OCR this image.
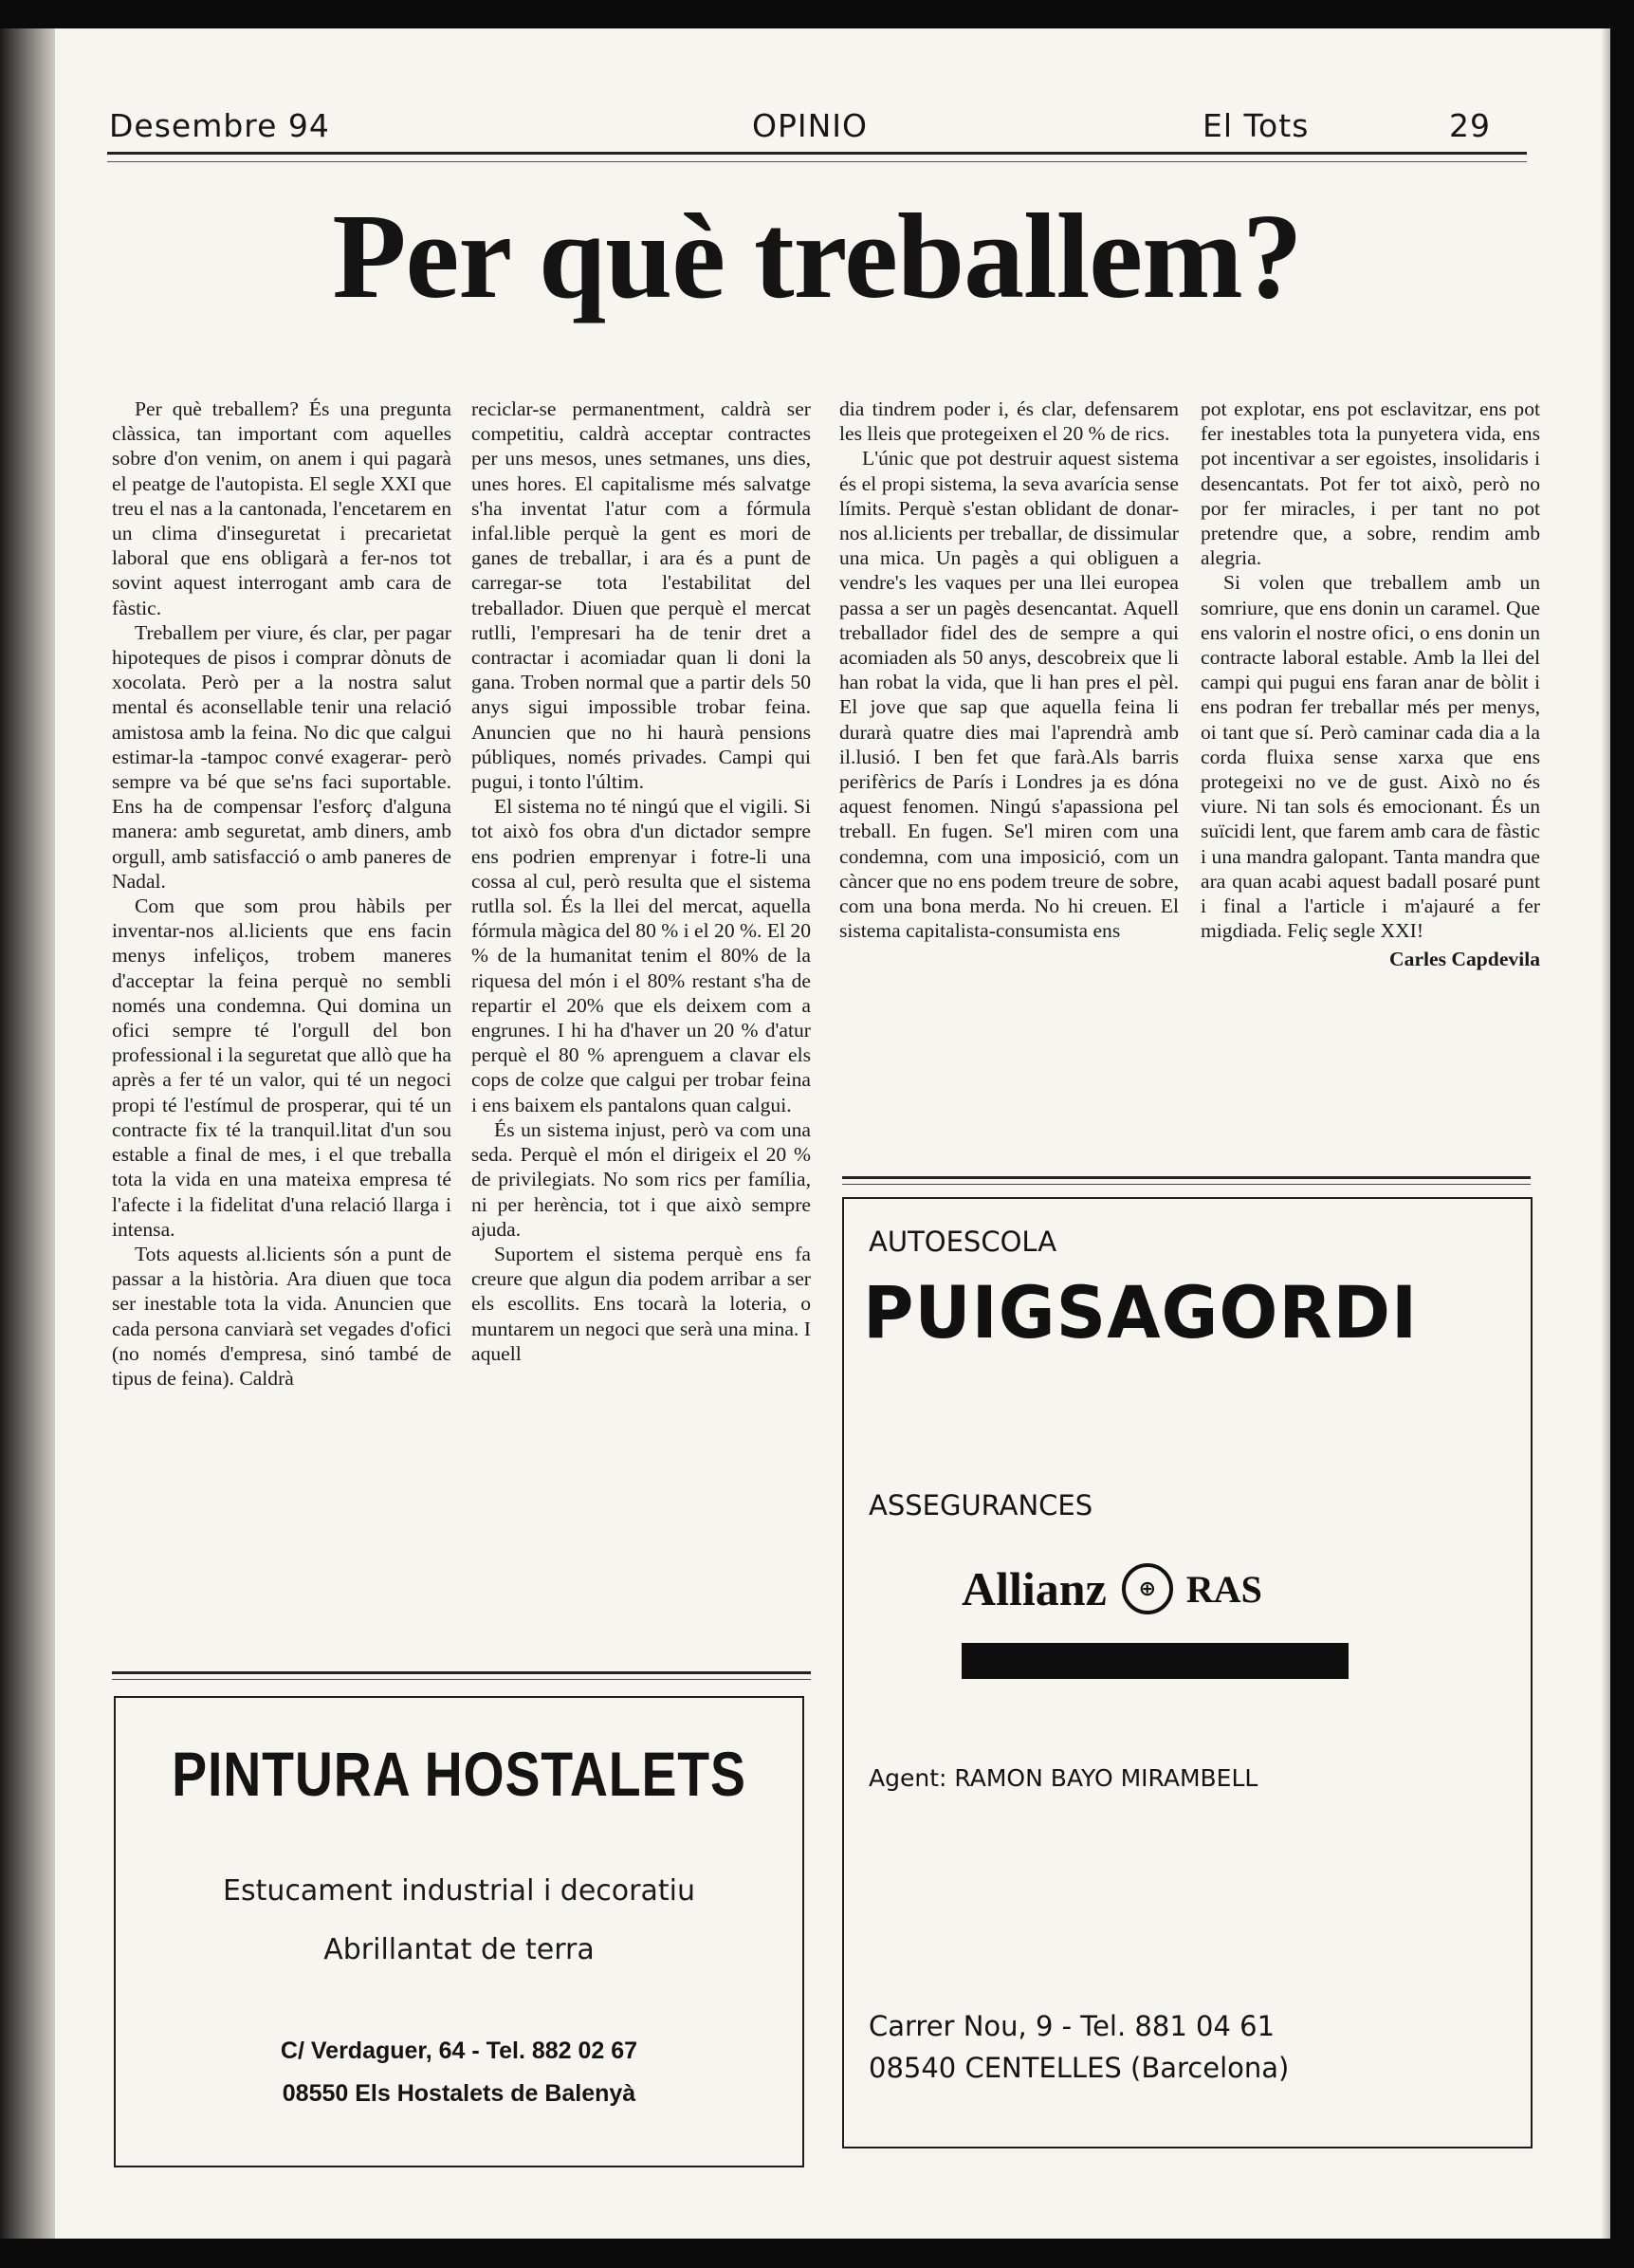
Desembre 94	OPINIO	El Tots	29
Per què treballem?

Per què treballem? És una pregunta clàssica, tan important com aquelles sobre d'on venim, on anem i qui pagarà el peatge de l'autopista. El segle XXI que treu el nas a la cantonada, l'encetarem en un clima d'inseguretat i precarietat laboral que ens obligarà a fer-nos tot sovint aquest interrogant amb cara de fàstic.

Treballem per viure, és clar, per pagar hipoteques de pisos i comprar dònuts de xocolata. Però per a la nostra salut mental és aconsellable tenir una relació amistosa amb la feina. No dic que calgui estimar-la -tampoc convé exagerar- però sempre va bé que se'ns faci suportable. Ens ha de compensar l'esforç d'alguna manera: amb seguretat, amb diners, amb orgull, amb satisfacció o amb paneres de Nadal.

Com que som prou hàbils per inventar-nos al.licients que ens facin menys infeliços, trobem maneres d'acceptar la feina perquè no sembli només una condemna. Qui domina un ofici sempre té l'orgull del bon professional i la seguretat que allò que ha après a fer té un valor, qui té un negoci propi té l'estímul de prosperar, qui té un contracte fix té la tranquil.litat d'un sou estable a final de mes, i el que treballa tota la vida en una mateixa empresa té l'afecte i la fidelitat d'una relació llarga i intensa.

Tots aquests al.licients són a punt de passar a la història. Ara diuen que toca ser inestable tota la vida. Anuncien que cada persona canviarà set vegades d'ofici (no només d'empresa, sinó també de tipus de feina). Caldrà

reciclar-se permanentment, caldrà ser competitiu, caldrà acceptar contractes per uns mesos, unes setmanes, uns dies, unes hores. El capitalisme més salvatge s'ha inventat l'atur com a fórmula infal.lible perquè la gent es mori de ganes de treballar, i ara és a punt de carregar-se tota l'estabilitat del treballador. Diuen que perquè el mercat rutlli, l'empresari ha de tenir dret a contractar i acomiadar quan li doni la gana. Troben normal que a partir dels 50 anys sigui impossible trobar feina. Anuncien que no hi haurà pensions públiques, només privades. Campi qui pugui, i tonto l'últim.

El sistema no té ningú que el vigili. Si tot això fos obra d'un dictador sempre ens podrien emprenyar i fotre-li una cossa al cul, però resulta que el sistema rutlla sol. És la llei del mercat, aquella fórmula màgica del 80 % i el 20 %. El 20 % de la humanitat tenim el 80% de la riquesa del món i el 80% restant s'ha de repartir el 20% que els deixem com a engrunes. I hi ha d'haver un 20 % d'atur perquè el 80 % aprenguem a clavar els cops de colze que calgui per trobar feina i ens baixem els pantalons quan calgui.

És un sistema injust, però va com una seda. Perquè el món el dirigeix el 20 % de privilegiats. No som rics per família, ni per herència, tot i que això sempre ajuda.

Suportem el sistema perquè ens fa creure que algun dia podem arribar a ser els escollits. Ens tocarà la loteria, o muntarem un negoci que serà una mina. I aquell

dia tindrem poder i, és clar, defensarem les lleis que protegeixen el 20 % de rics.

L'únic que pot destruir aquest sistema és el propi sistema, la seva avarícia sense límits. Perquè s'estan oblidant de donar-nos al.licients per treballar, de dissimular una mica. Un pagès a qui obliguen a vendre's les vaques per una llei europea passa a ser un pagès desencantat. Aquell treballador fidel des de sempre a qui acomiaden als 50 anys, descobreix que li han robat la vida, que li han pres el pèl. El jove que sap que aquella feina li durarà quatre dies mai l'aprendrà amb il.lusió. I ben fet que farà.Als barris perifèrics de París i Londres ja es dóna aquest fenomen. Ningú s'apassiona pel treball. En fugen. Se'l miren com una condemna, com una imposició, com un càncer que no ens podem treure de sobre, com una bona merda. No hi creuen. El sistema capitalista-consumista ens

pot explotar, ens pot esclavitzar, ens pot fer inestables tota la punyetera vida, ens pot incentivar a ser egoistes, insolidaris i desencantats. Pot fer tot això, però no por fer miracles, i per tant no pot pretendre que, a sobre, rendim amb alegria.

Si volen que treballem amb un somriure, que ens donin un caramel. Que ens valorin el nostre ofici, o ens donin un contracte laboral estable. Amb la llei del campi qui pugui ens faran anar de bòlit i ens podran fer treballar més per menys, oi tant que sí. Però caminar cada dia a la corda fluixa sense xarxa que ens protegeixi no ve de gust. Això no és viure. Ni tan sols és emocionant. És un suïcidi lent, que farem amb cara de fàstic i una mandra galopant. Tanta mandra que ara quan acabi aquest badall posaré punt i final a l'article i m'ajauré a fer migdiada. Feliç segle XXI!

Carles Capdevila
PINTURA HOSTALETS
Estucament industrial i decoratiu
Abrillantat de terra
C/ Verdaguer, 64 - Tel. 882 02 67
08550 Els Hostalets de Balenyà
AUTOESCOLA
PUIGSAGORDI
ASSEGURANCES
Allianz	⊕ RAS
Agent: RAMON BAYO MIRAMBELL
Carrer Nou, 9 - Tel. 881 04 61
08540 CENTELLES (Barcelona)
